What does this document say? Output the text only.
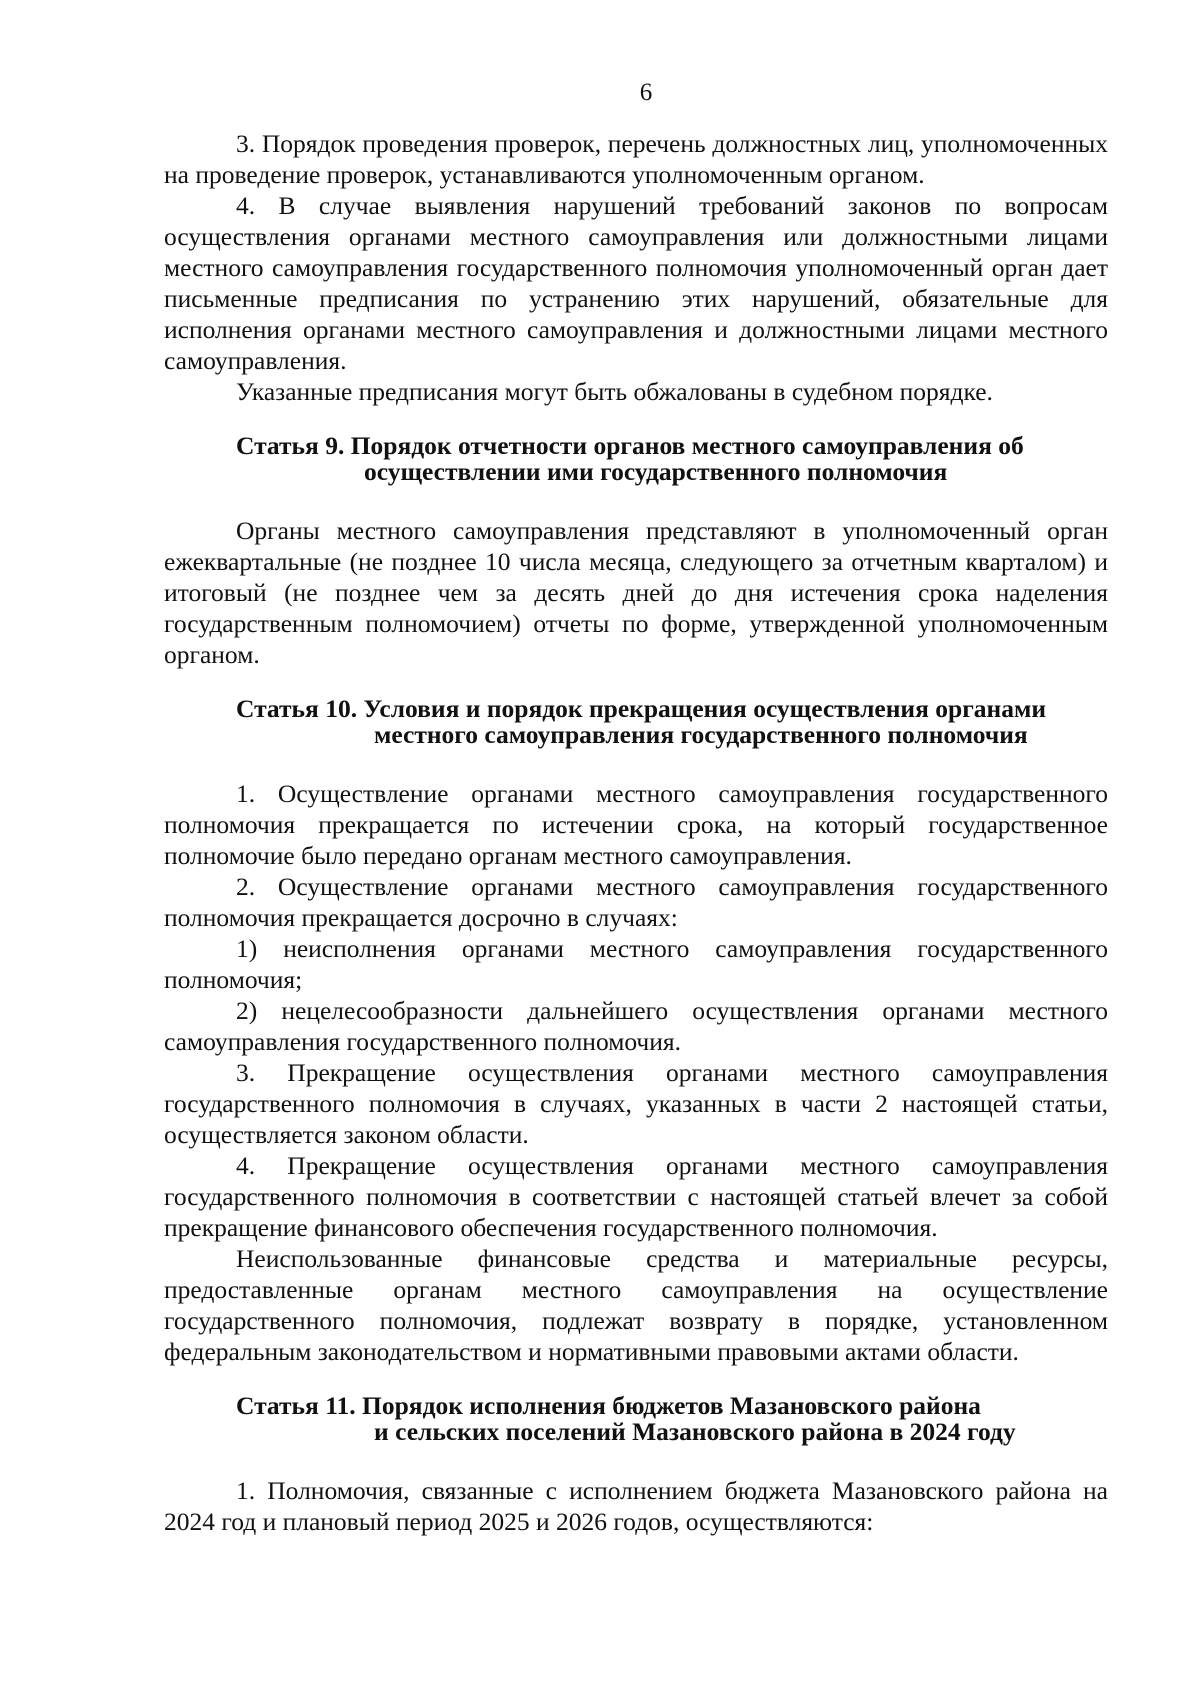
6

3. Порядок проведения проверок, перечень должностных лиц, уполномоченных на проведение проверок, устанавливаются уполномоченным органом.

4. В случае выявления нарушений требований законов по вопросам осуществления органами местного самоуправления или должностными лицами местного самоуправления государственного полномочия уполномоченный орган дает письменные предписания по устранению этих нарушений, обязательные для исполнения органами местного самоуправления и должностными лицами местного самоуправления.

Указанные предписания могут быть обжалованы в судебном порядке.

Статья 9. Порядок отчетности органов местного самоуправления об
осуществлении ими государственного полномочия

Органы местного самоуправления представляют в уполномоченный орган ежеквартальные (не позднее 10 числа месяца, следующего за отчетным кварталом) и итоговый (не позднее чем за десять дней до дня истечения срока наделения государственным полномочием) отчеты по форме, утвержденной уполномоченным органом.

Статья 10. Условия и порядок прекращения осуществления органами
местного самоуправления государственного полномочия

1. Осуществление органами местного самоуправления государственного полномочия прекращается по истечении срока, на который государственное полномочие было передано органам местного самоуправления.

2. Осуществление органами местного самоуправления государственного полномочия прекращается досрочно в случаях:

1) неисполнения органами местного самоуправления государственного полномочия;

2) нецелесообразности дальнейшего осуществления органами местного самоуправления государственного полномочия.

3. Прекращение осуществления органами местного самоуправления государственного полномочия в случаях, указанных в части 2 настоящей статьи, осуществляется законом области.

4. Прекращение осуществления органами местного самоуправления государственного полномочия в соответствии с настоящей статьей влечет за собой прекращение финансового обеспечения государственного полномочия.

Неиспользованные финансовые средства и материальные ресурсы, предоставленные органам местного самоуправления на осуществление государственного полномочия, подлежат возврату в порядке, установленном федеральным законодательством и нормативными правовыми актами области.

Статья 11. Порядок исполнения бюджетов Мазановского района
и сельских поселений Мазановского района в 2024 году

1. Полномочия, связанные с исполнением бюджета Мазановского района на 2024 год и плановый период 2025 и 2026 годов, осуществляются:
